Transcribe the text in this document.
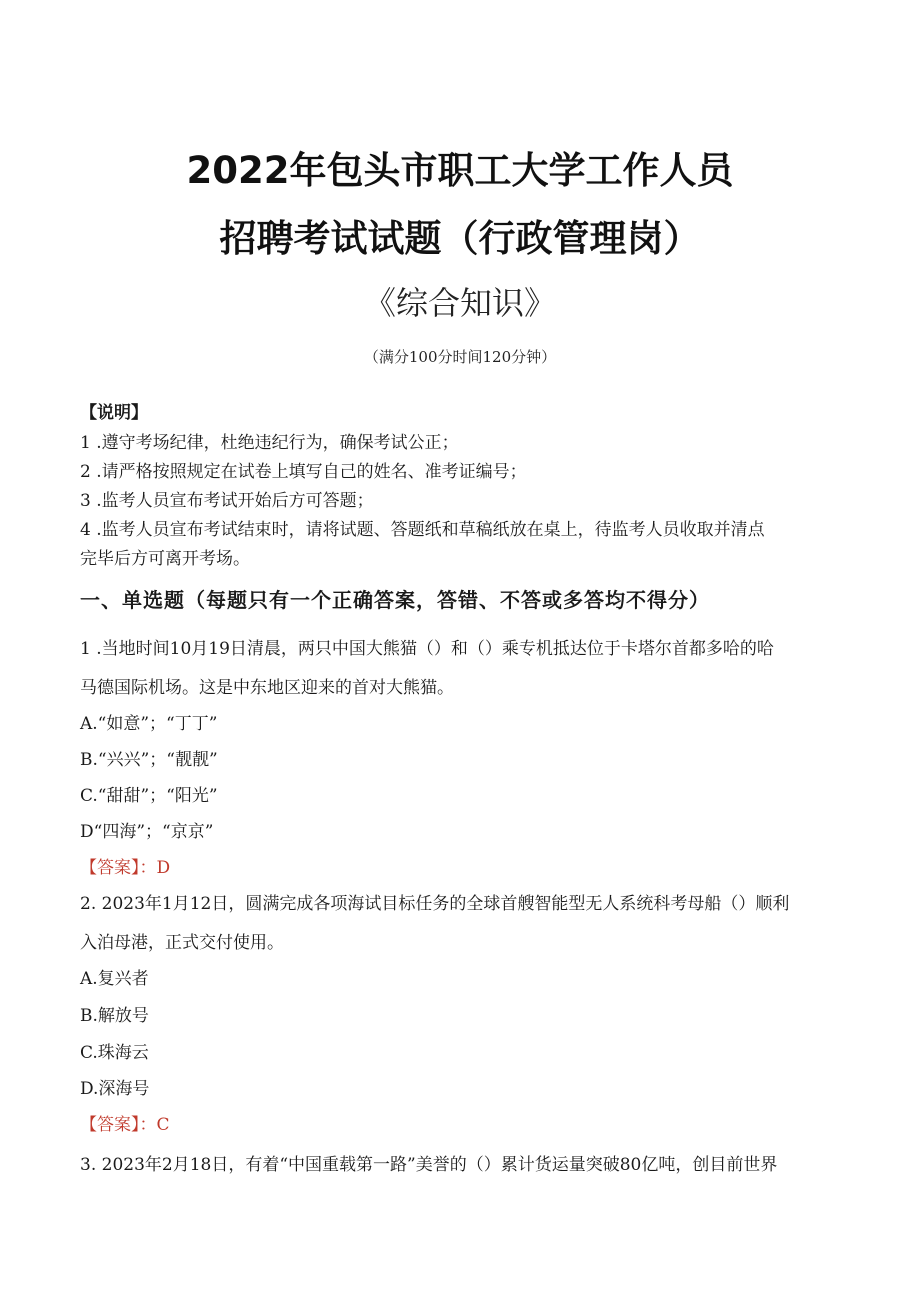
2022年包头市职工大学工作人员
招聘考试试题（行政管理岗）
《综合知识》
（满分100分时间120分钟）
【说明】
1 .遵守考场纪律，杜绝违纪行为，确保考试公正；
2 .请严格按照规定在试卷上填写自己的姓名、准考证编号；
3 .监考人员宣布考试开始后方可答题；
4 .监考人员宣布考试结束时，请将试题、答题纸和草稿纸放在桌上，待监考人员收取并清点
完毕后方可离开考场。
一、单选题（每题只有一个正确答案，答错、不答或多答均不得分）
1 .当地时间10月19日清晨，两只中国大熊猫（）和（）乘专机抵达位于卡塔尔首都多哈的哈
马德国际机场。这是中东地区迎来的首对大熊猫。
A.“如意”；“丁丁”
B.“兴兴”；“靓靓”
C.“甜甜”；“阳光”
D“四海”；“京京”
【答案】：D
2. 2023年1月12日，圆满完成各项海试目标任务的全球首艘智能型无人系统科考母船（）顺利
入泊母港，正式交付使用。
A.复兴者
B.解放号
C.珠海云
D.深海号
【答案】：C
3. 2023年2月18日，有着“中国重载第一路”美誉的（）累计货运量突破80亿吨，创目前世界
